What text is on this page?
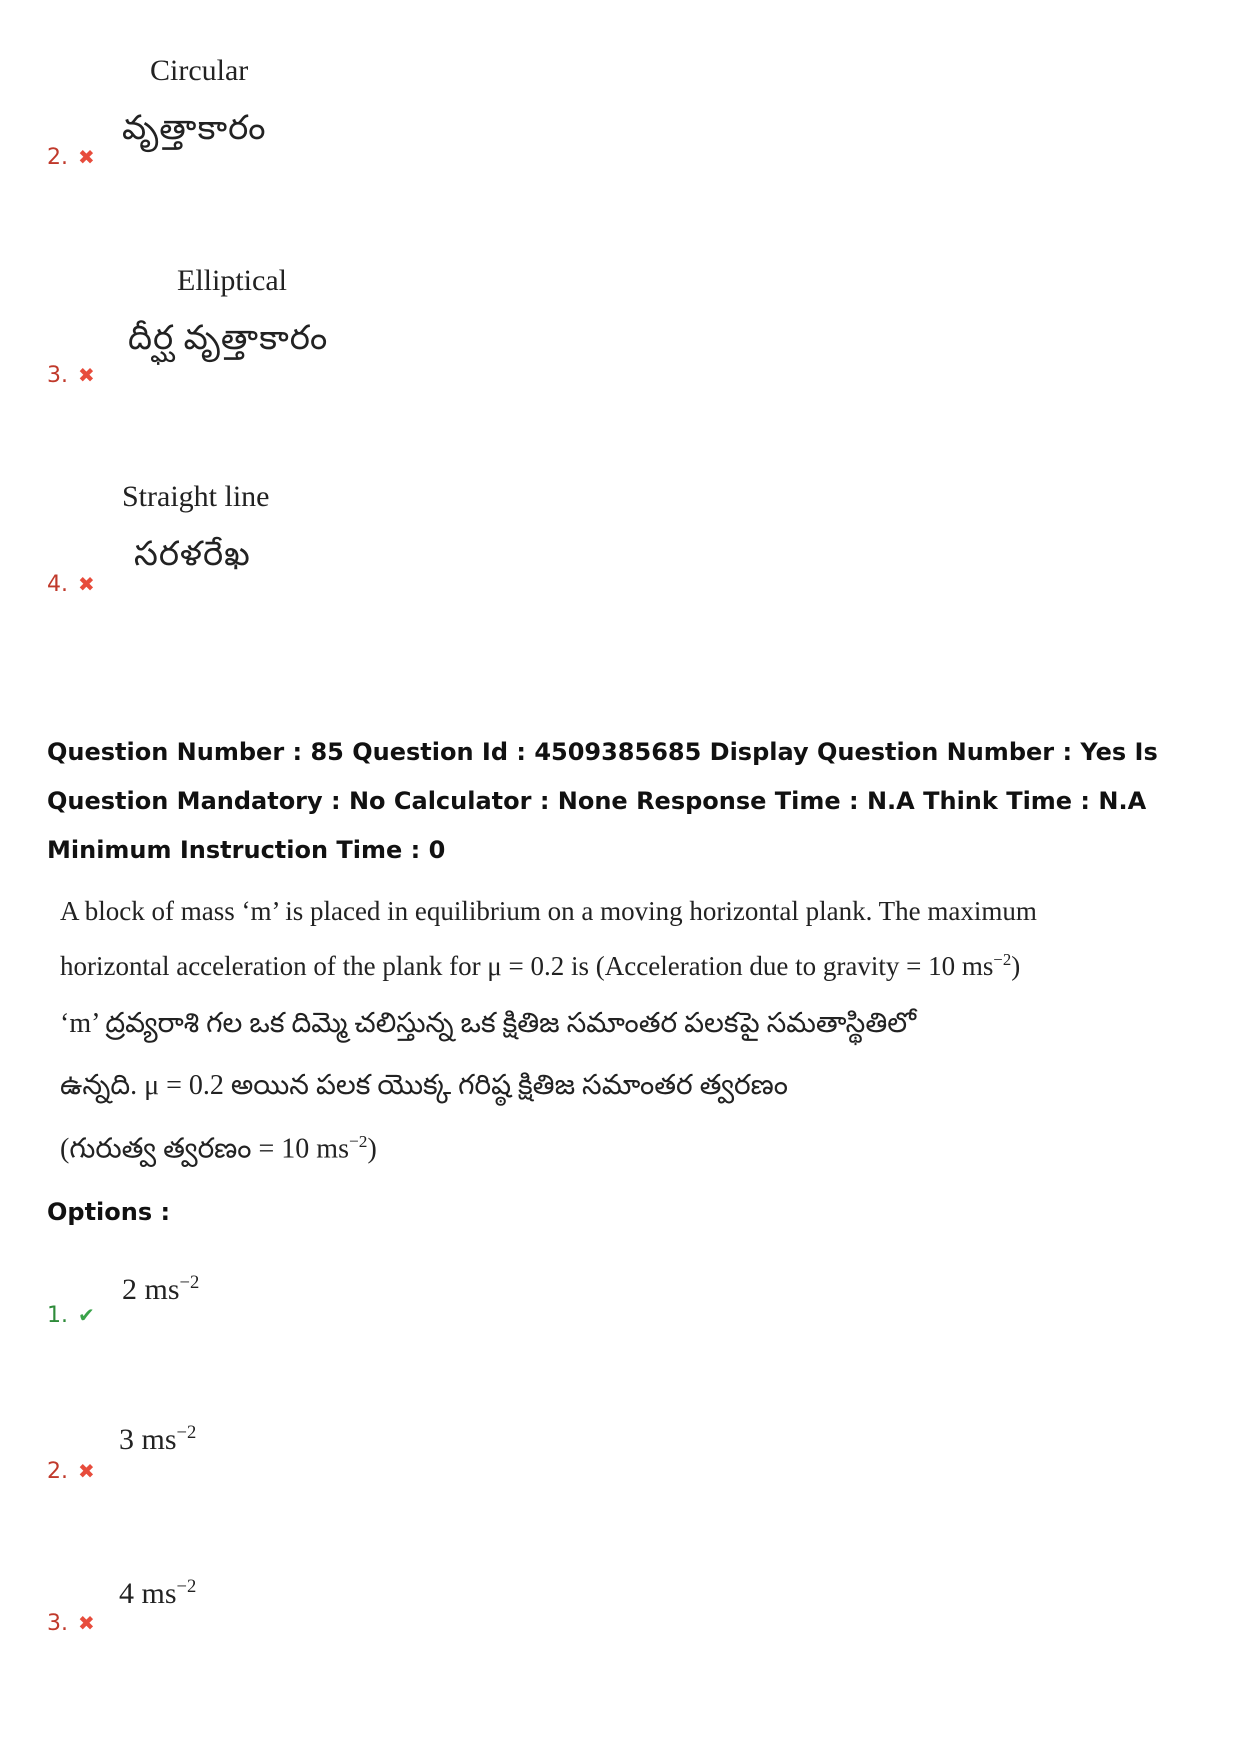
Circular
వృత్తాకారం
2. ✖
Elliptical
దీర్ఘ వృత్తాకారం
3. ✖
Straight line
సరళరేఖ
4. ✖
Question Number : 85 Question Id : 4509385685 Display Question Number : Yes Is Question Mandatory : No Calculator : None Response Time : N.A Think Time : N.A Minimum Instruction Time : 0
A block of mass ‘m’ is placed in equilibrium on a moving horizontal plank. The maximum
horizontal acceleration of the plank for μ = 0.2 is (Acceleration due to gravity = 10 $ms^{-2}$)
‘m’ ద్రవ్యరాశి గల ఒక దిమ్మె చలిస్తున్న ఒక క్షితిజ సమాంతర పలకపై సమతాస్థితిలో
ఉన్నది. μ = 0.2 అయిన పలక యొక్క గరిష్ఠ క్షితిజ సమాంతర త్వరణం
(గురుత్వ త్వరణం = 10 $ms^{-2}$)
Options :
2 $ms^{-2}$
1. ✔
3 $ms^{-2}$
2. ✖
4 $ms^{-2}$
3. ✖
